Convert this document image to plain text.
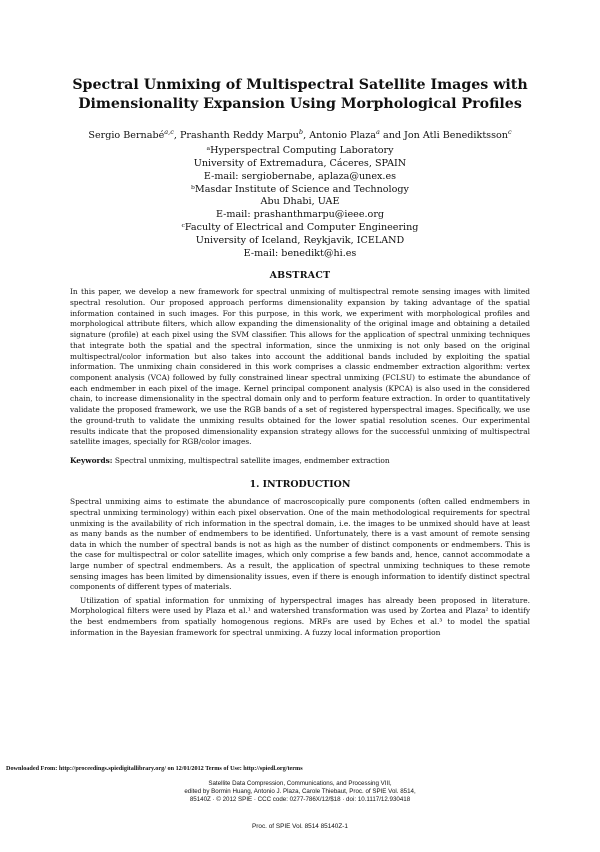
Spectral Unmixing of Multispectral Satellite Images with
Dimensionality Expansion Using Morphological Profiles
Sergio Bernabé$^{a,c}$, Prashanth Reddy Marpu$^b$, Antonio Plaza$^a$ and Jon Atli Benediktsson$^c$
ᵃHyperspectral Computing Laboratory
University of Extremadura, Cáceres, SPAIN
E-mail: sergiobernabe, aplaza@unex.es
ᵇMasdar Institute of Science and Technology
Abu Dhabi, UAE
E-mail: prashanthmarpu@ieee.org
ᶜFaculty of Electrical and Computer Engineering
University of Iceland, Reykjavik, ICELAND
E-mail: benedikt@hi.es
ABSTRACT
In this paper, we develop a new framework for spectral unmixing of multispectral remote sensing images with limited spectral resolution. Our proposed approach performs dimensionality expansion by taking advantage of the spatial information contained in such images. For this purpose, in this work, we experiment with morphological profiles and morphological attribute filters, which allow expanding the dimensionality of the original image and obtaining a detailed signature (profile) at each pixel using the SVM classifier. This allows for the application of spectral unmixing techniques that integrate both the spatial and the spectral information, since the unmixing is not only based on the original multispectral/color information but also takes into account the additional bands included by exploiting the spatial information. The unmixing chain considered in this work comprises a classic endmember extraction algorithm: vertex component analysis (VCA) followed by fully constrained linear spectral unmixing (FCLSU) to estimate the abundance of each endmember in each pixel of the image. Kernel principal component analysis (KPCA) is also used in the considered chain, to increase dimensionality in the spectral domain only and to perform feature extraction. In order to quantitatively validate the proposed framework, we use the RGB bands of a set of registered hyperspectral images. Specifically, we use the ground-truth to validate the unmixing results obtained for the lower spatial resolution scenes. Our experimental results indicate that the proposed dimensionality expansion strategy allows for the successful unmixing of multispectral satellite images, specially for RGB/color images.
Keywords: Spectral unmixing, multispectral satellite images, endmember extraction
1. INTRODUCTION
Spectral unmixing aims to estimate the abundance of macroscopically pure components (often called endmembers in spectral unmixing terminology) within each pixel observation. One of the main methodological requirements for spectral unmixing is the availability of rich information in the spectral domain, i.e. the images to be unmixed should have at least as many bands as the number of endmembers to be identified. Unfortunately, there is a vast amount of remote sensing data in which the number of spectral bands is not as high as the number of distinct components or endmembers. This is the case for multispectral or color satellite images, which only comprise a few bands and, hence, cannot accommodate a large number of spectral endmembers. As a result, the application of spectral unmixing techniques to these remote sensing images has been limited by dimensionality issues, even if there is enough information to identify distinct spectral components of different types of materials.
Utilization of spatial information for unmixing of hyperspectral images has already been proposed in literature. Morphological filters were used by Plaza et al.¹ and watershed transformation was used by Zortea and Plaza² to identify the best endmembers from spatially homogenous regions. MRFs are used by Eches et al.³ to model the spatial information in the Bayesian framework for spectral unmixing. A fuzzy local information proportion
Satellite Data Compression, Communications, and Processing VIII,
edited by Bormin Huang, Antonio J. Plaza, Carole Thiebaut, Proc. of SPIE Vol. 8514,
85140Z · © 2012 SPIE · CCC code: 0277-786X/12/$18 · doi: 10.1117/12.930418
Proc. of SPIE Vol. 8514 85140Z-1
Downloaded From: http://proceedings.spiedigitallibrary.org/ on 12/01/2012 Terms of Use: http://spiedl.org/terms
